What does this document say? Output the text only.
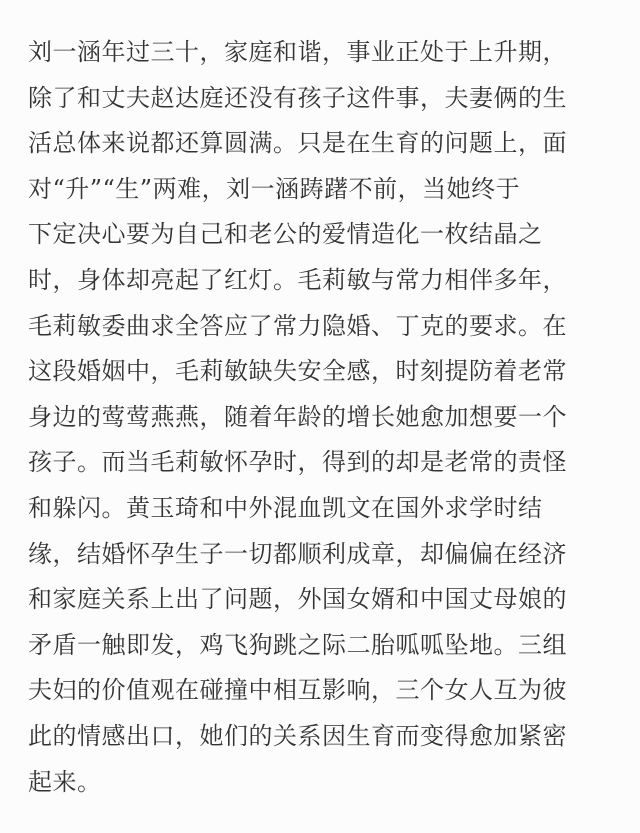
刘一涵年过三十，家庭和谐，事业正处于上升期，
除了和丈夫赵达庭还没有孩子这件事，夫妻俩的生
活总体来说都还算圆满。只是在生育的问题上，面
对“升”“生”两难，刘一涵踌躇不前，当她终于
下定决心要为自己和老公的爱情造化一枚结晶之
时，身体却亮起了红灯。毛莉敏与常力相伴多年，
毛莉敏委曲求全答应了常力隐婚、丁克的要求。在
这段婚姻中，毛莉敏缺失安全感，时刻提防着老常
身边的莺莺燕燕，随着年龄的增长她愈加想要一个
孩子。而当毛莉敏怀孕时，得到的却是老常的责怪
和躲闪。黄玉琦和中外混血凯文在国外求学时结
缘，结婚怀孕生子一切都顺利成章，却偏偏在经济
和家庭关系上出了问题，外国女婿和中国丈母娘的
矛盾一触即发，鸡飞狗跳之际二胎呱呱坠地。三组
夫妇的价值观在碰撞中相互影响，三个女人互为彼
此的情感出口，她们的关系因生育而变得愈加紧密
起来。
